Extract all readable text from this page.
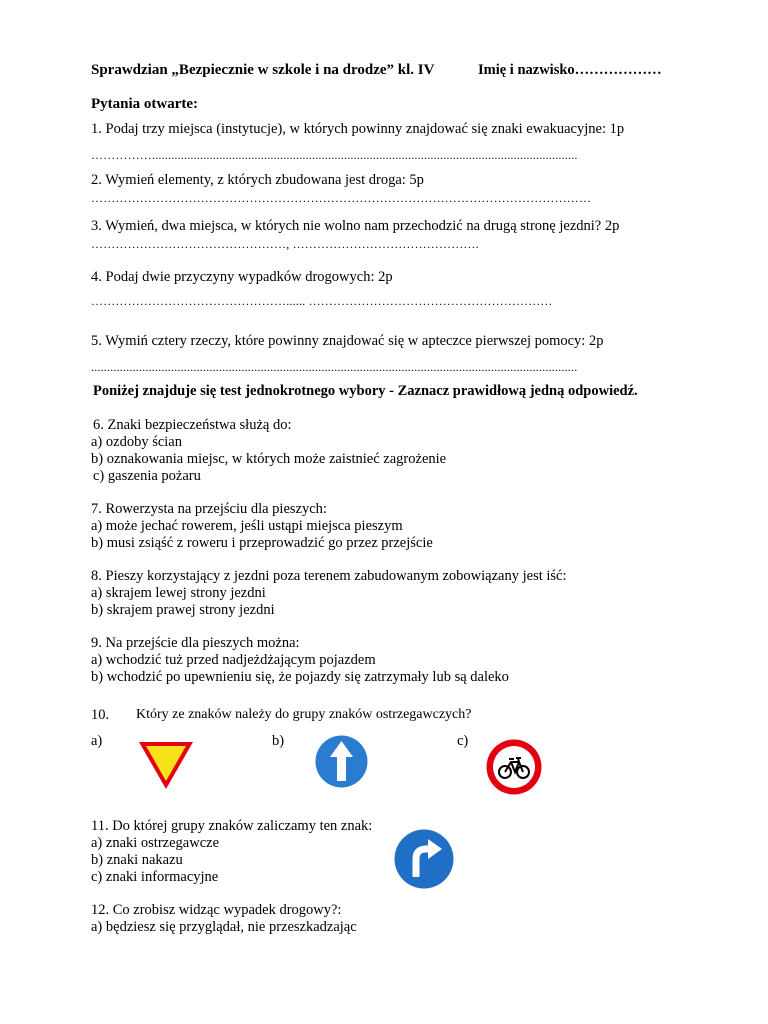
Sprawdzian „Bezpiecznie w szkole i na drodze” kl. IV	Imię i nazwisko………………
Pytania otwarte:
1. Podaj trzy miejsca (instytucje), w których powinny znajdować się znaki ewakuacyjne: 1p
…………….....................................................................................................................................
2. Wymień elementy, z których zbudowana jest droga: 5p
……………………………………………………………………………………………………………
3. Wymień, dwa miejsca, w których nie wolno nam przechodzić na drugą stronę jezdni? 2p
…………………………………………, ……………………………………….
4. Podaj dwie przyczyny wypadków drogowych: 2p
…………………………………………...... ……………………………………………………
5. Wymiń cztery rzeczy, które powinny znajdować się w apteczce pierwszej pomocy: 2p
........................................................................................................................................................
Poniżej znajduje się test jednokrotnego wybory - Zaznacz prawidłową jedną odpowiedź.
6. Znaki bezpieczeństwa służą do:
a) ozdoby ścian
b) oznakowania miejsc, w których może zaistnieć zagrożenie
c) gaszenia pożaru
7. Rowerzysta na przejściu dla pieszych:
a) może jechać rowerem, jeśli ustąpi miejsca pieszym
b) musi zsiąść z roweru i przeprowadzić go przez przejście
8. Pieszy korzystający z jezdni poza terenem zabudowanym zobowiązany jest iść:
a) skrajem lewej strony jezdni
b) skrajem prawej strony jezdni
9. Na przejście dla pieszych można:
a) wchodzić tuż przed nadjeżdżającym pojazdem
b) wchodzić po upewnieniu się, że pojazdy się zatrzymały lub są daleko
10. Który ze znaków należy do grupy znaków ostrzegawczych?
a)	b)	c)
11. Do której grupy znaków zaliczamy ten znak:
a) znaki ostrzegawcze
b) znaki nakazu
c) znaki informacyjne
12. Co zrobisz widząc wypadek drogowy?:
a) będziesz się przyglądał, nie przeszkadzając
